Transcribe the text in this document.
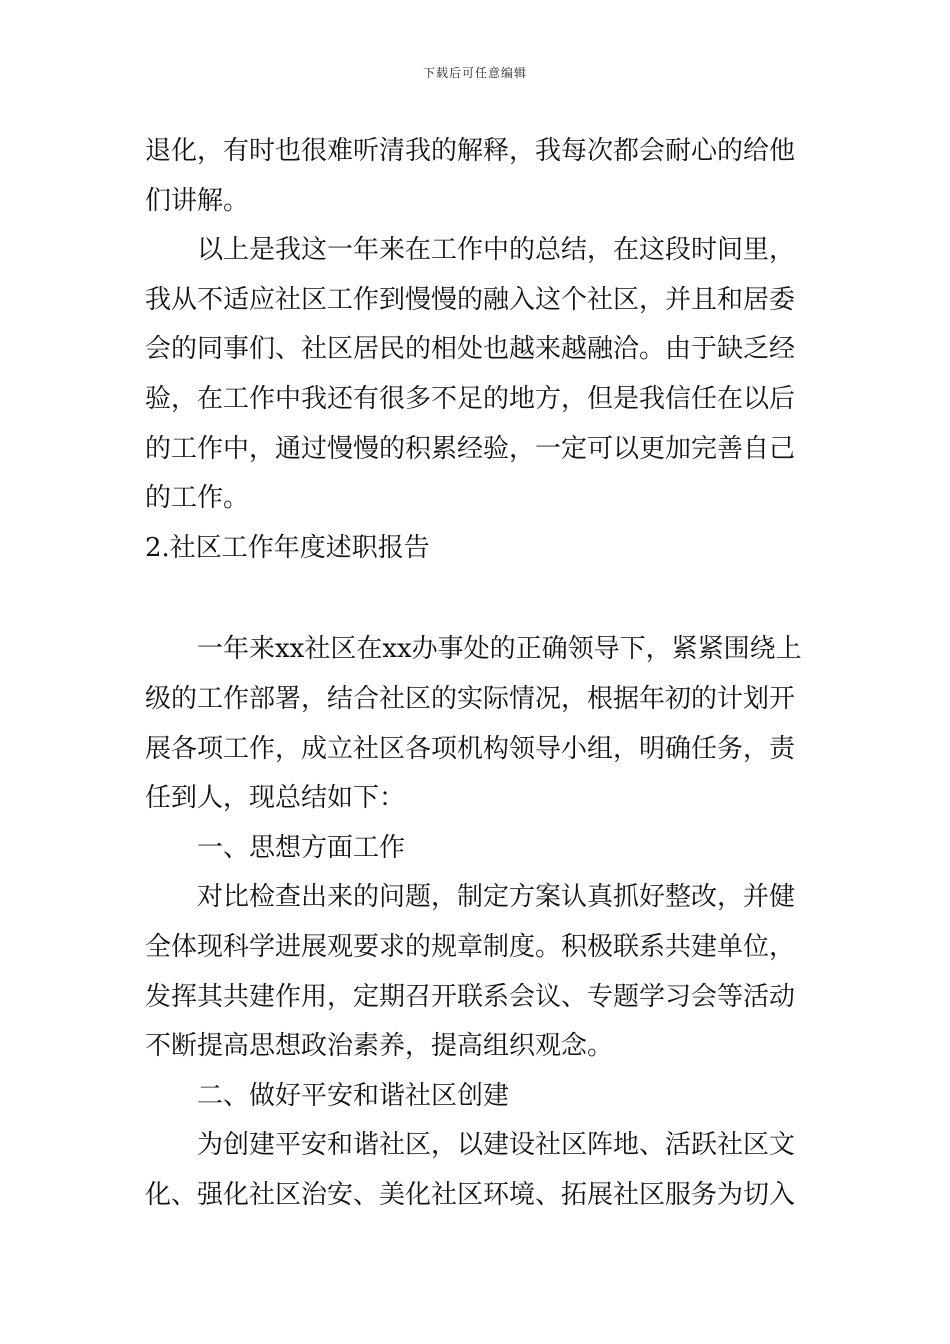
下载后可任意编辑
退化，有时也很难听清我的解释，我每次都会耐心的给他
们讲解。
以上是我这一年来在工作中的总结，在这段时间里，
我从不适应社区工作到慢慢的融入这个社区，并且和居委
会的同事们、社区居民的相处也越来越融洽。由于缺乏经
验，在工作中我还有很多不足的地方，但是我信任在以后
的工作中，通过慢慢的积累经验，一定可以更加完善自己
的工作。
2.社区工作年度述职报告
一年来xx社区在xx办事处的正确领导下，紧紧围绕上
级的工作部署，结合社区的实际情况，根据年初的计划开
展各项工作，成立社区各项机构领导小组，明确任务，责
任到人，现总结如下：
一、思想方面工作
对比检查出来的问题，制定方案认真抓好整改，并健
全体现科学进展观要求的规章制度。积极联系共建单位，
发挥其共建作用，定期召开联系会议、专题学习会等活动
不断提高思想政治素养，提高组织观念。
二、做好平安和谐社区创建
为创建平安和谐社区，以建设社区阵地、活跃社区文
化、强化社区治安、美化社区环境、拓展社区服务为切入
